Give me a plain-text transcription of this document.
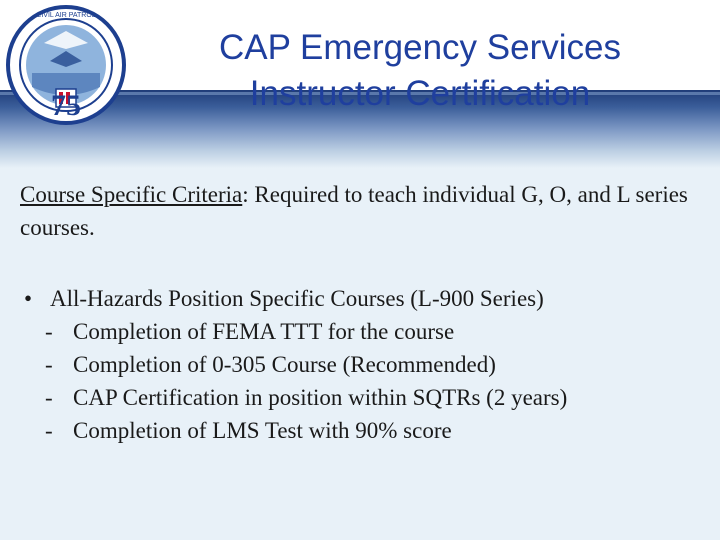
75
CIVIL AIR PATROL
CAP Emergency Services
Instructor Certification
Course Specific Criteria: Required to teach individual G, O, and L series courses.
• All-Hazards Position Specific Courses (L-900 Series)
- Completion of FEMA TTT for the course
- Completion of 0-305 Course (Recommended)
- CAP Certification in position within SQTRs (2 years)
- Completion of LMS Test with 90% score
